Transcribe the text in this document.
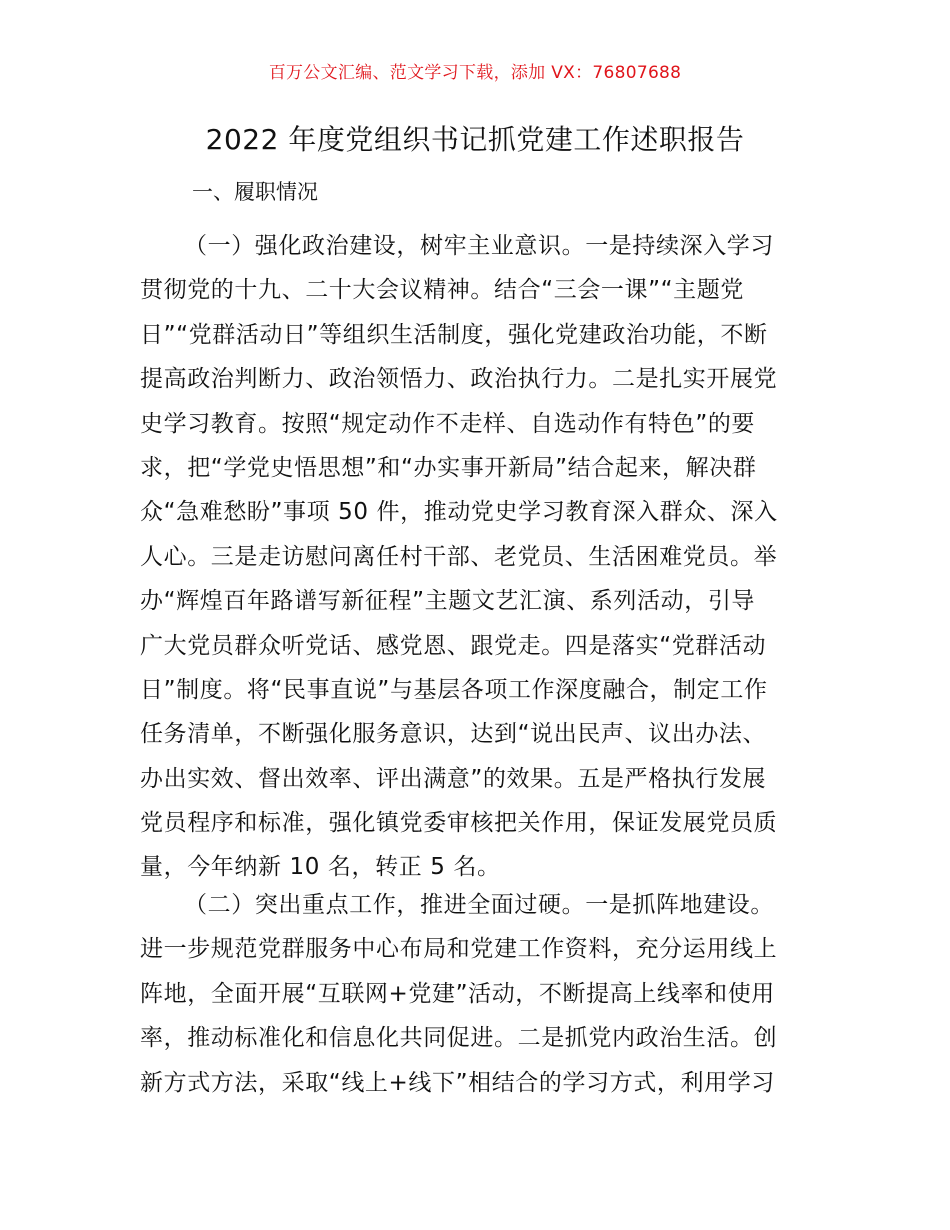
百万公文汇编、范文学习下载，添加 VX：76807688
2022 年度党组织书记抓党建工作述职报告
一、履职情况
（一）强化政治建设，树牢主业意识。一是持续深入学习
贯彻党的十九、二十大会议精神。结合“三会一课”“主题党
日”“党群活动日”等组织生活制度，强化党建政治功能，不断
提高政治判断力、政治领悟力、政治执行力。二是扎实开展党
史学习教育。按照“规定动作不走样、自选动作有特色”的要
求，把“学党史悟思想”和“办实事开新局”结合起来，解决群
众“急难愁盼”事项 50 件，推动党史学习教育深入群众、深入
人心。三是走访慰问离任村干部、老党员、生活困难党员。举
办“辉煌百年路谱写新征程”主题文艺汇演、系列活动，引导
广大党员群众听党话、感党恩、跟党走。四是落实“党群活动
日”制度。将“民事直说”与基层各项工作深度融合，制定工作
任务清单，不断强化服务意识，达到“说出民声、议出办法、
办出实效、督出效率、评出满意”的效果。五是严格执行发展
党员程序和标准，强化镇党委审核把关作用，保证发展党员质
量，今年纳新 10 名，转正 5 名。
（二）突出重点工作，推进全面过硬。一是抓阵地建设。
进一步规范党群服务中心布局和党建工作资料，充分运用线上
阵地，全面开展“互联网+党建”活动，不断提高上线率和使用
率，推动标准化和信息化共同促进。二是抓党内政治生活。创
新方式方法，采取“线上+线下”相结合的学习方式，利用学习
